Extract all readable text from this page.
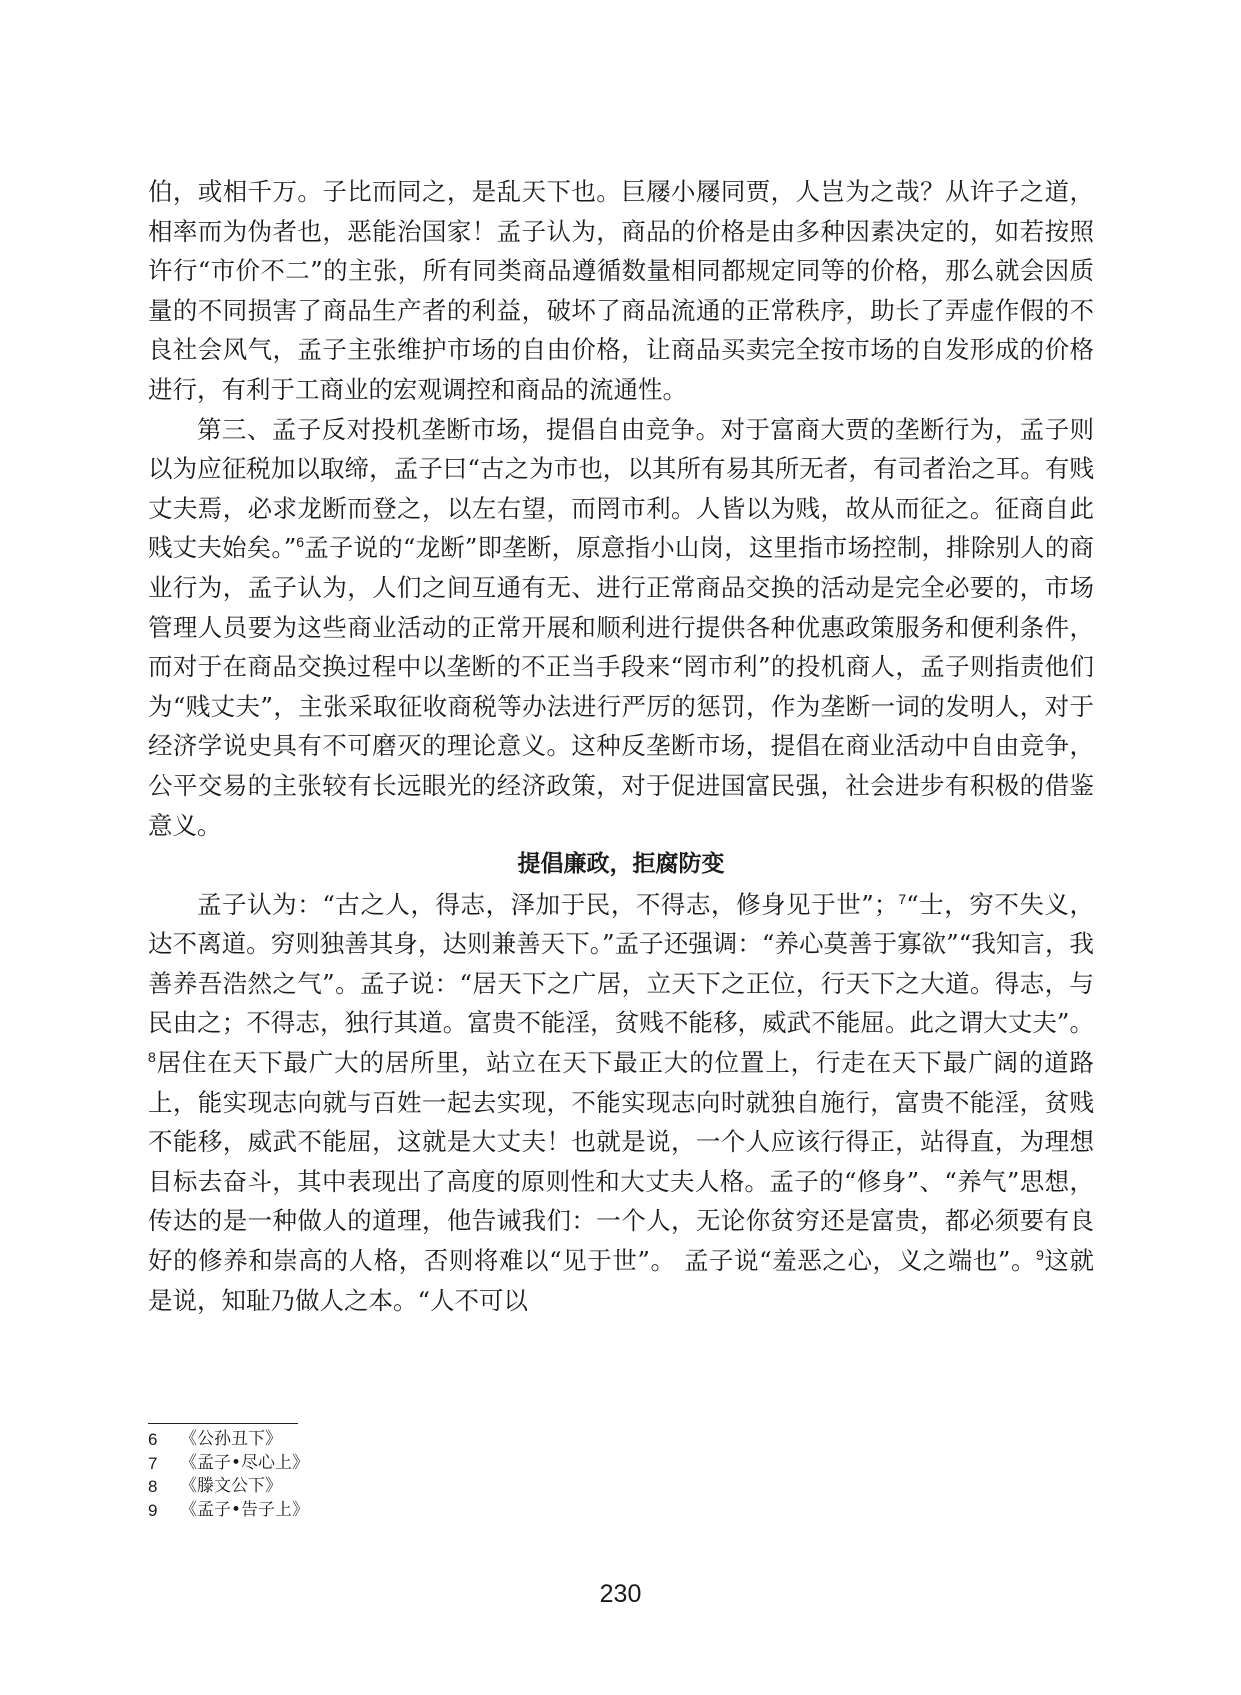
伯，或相千万。子比而同之，是乱天下也。巨屦小屦同贾，人岂为之哉？从许子之道，相率而为伪者也，恶能治国家！孟子认为，商品的价格是由多种因素决定的，如若按照许行“市价不二”的主张，所有同类商品遵循数量相同都规定同等的价格，那么就会因质量的不同损害了商品生产者的利益，破坏了商品流通的正常秩序，助长了弄虚作假的不良社会风气，孟子主张维护市场的自由价格，让商品买卖完全按市场的自发形成的价格进行，有利于工商业的宏观调控和商品的流通性。

第三、孟子反对投机垄断市场，提倡自由竞争。对于富商大贾的垄断行为，孟子则以为应征税加以取缔，孟子曰“古之为市也，以其所有易其所无者，有司者治之耳。有贱丈夫焉，必求龙断而登之，以左右望，而罔市利。人皆以为贱，故从而征之。征商自此贱丈夫始矣。”$^6$孟子说的“龙断”即垄断，原意指小山岗，这里指市场控制，排除别人的商业行为，孟子认为，人们之间互通有无、进行正常商品交换的活动是完全必要的，市场管理人员要为这些商业活动的正常开展和顺利进行提供各种优惠政策服务和便利条件，而对于在商品交换过程中以垄断的不正当手段来“罔市利”的投机商人，孟子则指责他们为“贱丈夫”，主张采取征收商税等办法进行严厉的惩罚，作为垄断一词的发明人，对于经济学说史具有不可磨灭的理论意义。这种反垄断市场，提倡在商业活动中自由竞争，公平交易的主张较有长远眼光的经济政策，对于促进国富民强，社会进步有积极的借鉴意义。

提倡廉政，拒腐防变

孟子认为：“古之人，得志，泽加于民，不得志，修身见于世”；$^7$“士，穷不失义，达不离道。穷则独善其身，达则兼善天下。”孟子还强调：“养心莫善于寡欲”“我知言，我善养吾浩然之气”。孟子说：“居天下之广居，立天下之正位，行天下之大道。得志，与民由之；不得志，独行其道。富贵不能淫，贫贱不能移，威武不能屈。此之谓大丈夫”。$^8$居住在天下最广大的居所里，站立在天下最正大的位置上，行走在天下最广阔的道路上，能实现志向就与百姓一起去实现，不能实现志向时就独自施行，富贵不能淫，贫贱不能移，威武不能屈，这就是大丈夫！也就是说，一个人应该行得正，站得直，为理想目标去奋斗，其中表现出了高度的原则性和大丈夫人格。孟子的“修身”、“养气”思想，传达的是一种做人的道理，他告诫我们：一个人，无论你贫穷还是富贵，都必须要有良好的修养和崇高的人格，否则将难以“见于世”。 孟子说“羞恶之心，义之端也”。$^9$这就是说，知耻乃做人之本。“人不可以

6	《公孙丑下》
7	《孟子•尽心上》
8	《滕文公下》
9	《孟子•告子上》
230
